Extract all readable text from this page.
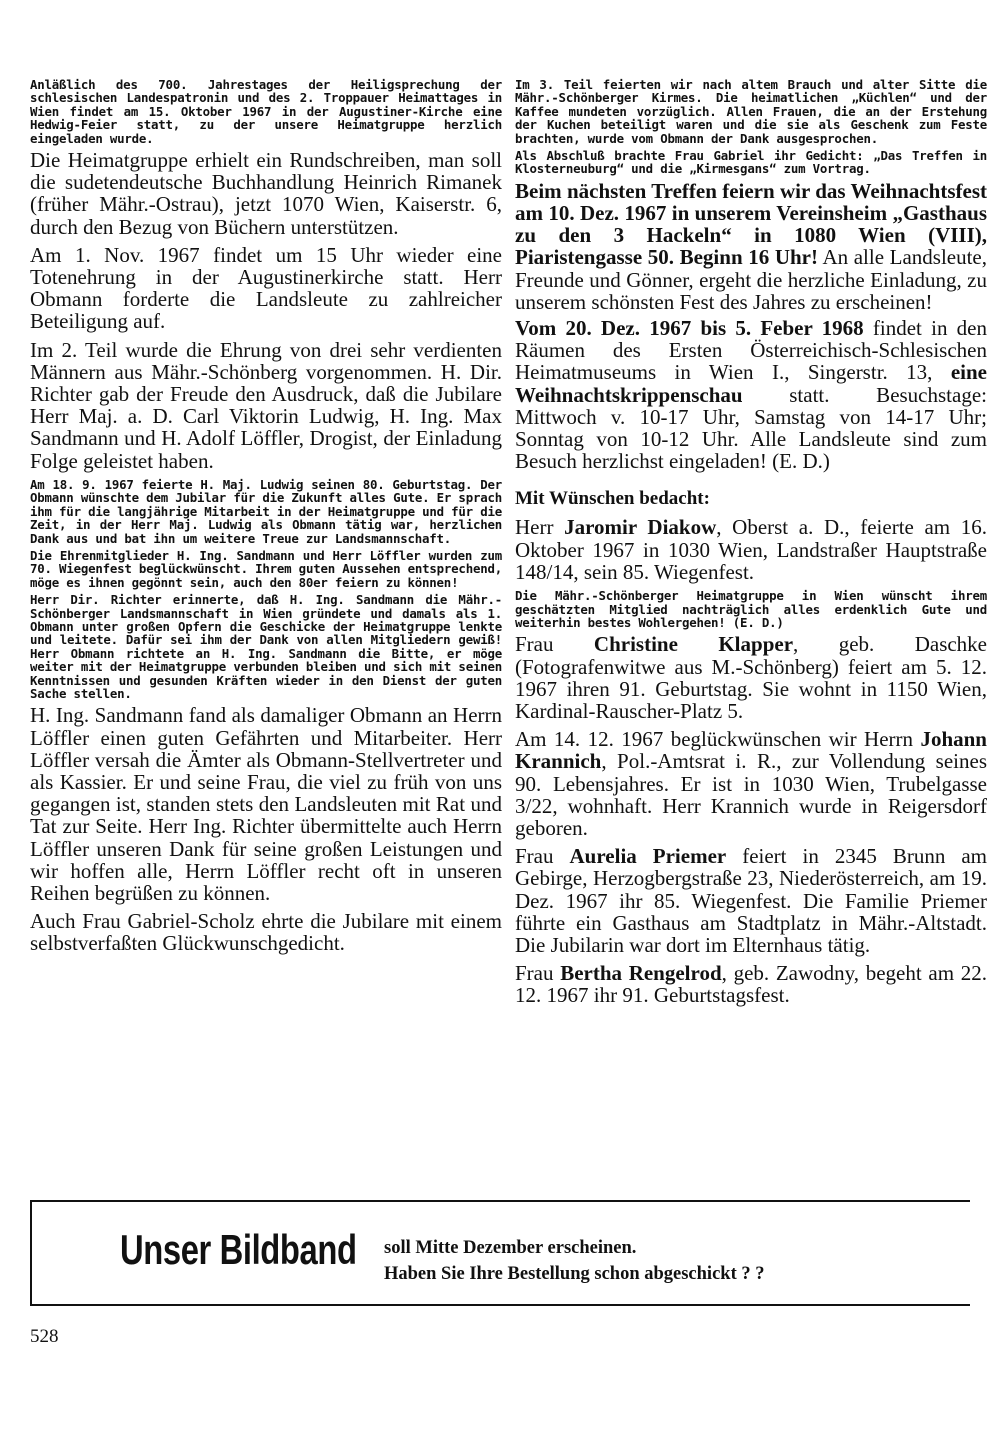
Anläßlich des 700. Jahrestages der Heiligsprechung der schlesischen Landespatronin und des 2. Troppauer Heimattages in Wien findet am 15. Oktober 1967 in der Augustiner-Kirche eine Hedwig-Feier statt, zu der unsere Heimatgruppe herzlich eingeladen wurde.

Die Heimatgruppe erhielt ein Rundschreiben, man soll die sudetendeutsche Buchhandlung Heinrich Rimanek (früher Mähr.-Ostrau), jetzt 1070 Wien, Kaiserstr. 6, durch den Bezug von Büchern unterstützen.

Am 1. Nov. 1967 findet um 15 Uhr wieder eine Totenehrung in der Augustinerkirche statt. Herr Obmann forderte die Landsleute zu zahlreicher Beteiligung auf.

Im 2. Teil wurde die Ehrung von drei sehr verdienten Männern aus Mähr.-Schönberg vorgenommen. H. Dir. Richter gab der Freude den Ausdruck, daß die Jubilare Herr Maj. a. D. Carl Viktorin Ludwig, H. Ing. Max Sandmann und H. Adolf Löffler, Drogist, der Einladung Folge geleistet haben.

Am 18. 9. 1967 feierte H. Maj. Ludwig seinen 80. Geburtstag. Der Obmann wünschte dem Jubilar für die Zukunft alles Gute. Er sprach ihm für die langjährige Mitarbeit in der Heimatgruppe und für die Zeit, in der Herr Maj. Ludwig als Obmann tätig war, herzlichen Dank aus und bat ihn um weitere Treue zur Landsmannschaft.

Die Ehrenmitglieder H. Ing. Sandmann und Herr Löffler wurden zum 70. Wiegenfest beglückwünscht. Ihrem guten Aussehen entsprechend, möge es ihnen gegönnt sein, auch den 80er feiern zu können!

Herr Dir. Richter erinnerte, daß H. Ing. Sandmann die Mähr.-Schönberger Landsmannschaft in Wien gründete und damals als 1. Obmann unter großen Opfern die Geschicke der Heimatgruppe lenkte und leitete. Dafür sei ihm der Dank von allen Mitgliedern gewiß! Herr Obmann richtete an H. Ing. Sandmann die Bitte, er möge weiter mit der Heimatgruppe verbunden bleiben und sich mit seinen Kenntnissen und gesunden Kräften wieder in den Dienst der guten Sache stellen.

H. Ing. Sandmann fand als damaliger Obmann an Herrn Löffler einen guten Gefährten und Mitarbeiter. Herr Löffler versah die Ämter als Obmann-Stellvertreter und als Kassier. Er und seine Frau, die viel zu früh von uns gegangen ist, standen stets den Landsleuten mit Rat und Tat zur Seite. Herr Ing. Richter übermittelte auch Herrn Löffler unseren Dank für seine großen Leistungen und wir hoffen alle, Herrn Löffler recht oft in unseren Reihen begrüßen zu können.

Auch Frau Gabriel-Scholz ehrte die Jubilare mit einem selbstverfaßten Glückwunschgedicht.

Im 3. Teil feierten wir nach altem Brauch und alter Sitte die Mähr.-Schönberger Kirmes. Die heimatlichen „Küchlen“ und der Kaffee mundeten vorzüglich. Allen Frauen, die an der Erstehung der Kuchen beteiligt waren und die sie als Geschenk zum Feste brachten, wurde vom Obmann der Dank ausgesprochen.

Als Abschluß brachte Frau Gabriel ihr Gedicht: „Das Treffen in Klosterneuburg“ und die „Kirmesgans“ zum Vortrag.

Beim nächsten Treffen feiern wir das Weihnachtsfest am 10. Dez. 1967 in unserem Vereinsheim „Gasthaus zu den 3 Hackeln“ in 1080 Wien (VIII), Piaristengasse 50. Beginn 16 Uhr! An alle Landsleute, Freunde und Gönner, ergeht die herzliche Einladung, zu unserem schönsten Fest des Jahres zu erscheinen!

Vom 20. Dez. 1967 bis 5. Feber 1968 findet in den Räumen des Ersten Österreichisch-Schlesischen Heimatmuseums in Wien I., Singerstr. 13, eine Weihnachtskrippenschau statt. Besuchstage: Mittwoch v. 10-17 Uhr, Samstag von 14-17 Uhr; Sonntag von 10-12 Uhr. Alle Landsleute sind zum Besuch herzlichst eingeladen! (E. D.)

Mit Wünschen bedacht:

Herr Jaromir Diakow, Oberst a. D., feierte am 16. Oktober 1967 in 1030 Wien, Landstraßer Hauptstraße 148/14, sein 85. Wiegenfest.

Die Mähr.-Schönberger Heimatgruppe in Wien wünscht ihrem geschätzten Mitglied nachträglich alles erdenklich Gute und weiterhin bestes Wohlergehen! (E. D.)

Frau Christine Klapper, geb. Daschke (Fotografenwitwe aus M.-Schönberg) feiert am 5. 12. 1967 ihren 91. Geburtstag. Sie wohnt in 1150 Wien, Kardinal-Rauscher-Platz 5.

Am 14. 12. 1967 beglückwünschen wir Herrn Johann Krannich, Pol.-Amtsrat i. R., zur Vollendung seines 90. Lebensjahres. Er ist in 1030 Wien, Trubelgasse 3/22, wohnhaft. Herr Krannich wurde in Reigersdorf geboren.

Frau Aurelia Priemer feiert in 2345 Brunn am Gebirge, Herzogbergstraße 23, Niederösterreich, am 19. Dez. 1967 ihr 85. Wiegenfest. Die Familie Priemer führte ein Gasthaus am Stadtplatz in Mähr.-Altstadt. Die Jubilarin war dort im Elternhaus tätig.

Frau Bertha Rengelrod, geb. Zawodny, begeht am 22. 12. 1967 ihr 91. Geburtstagsfest.

Unser Bildband soll Mitte Dezember erscheinen.
Haben Sie Ihre Bestellung schon abgeschickt ? ?
528
